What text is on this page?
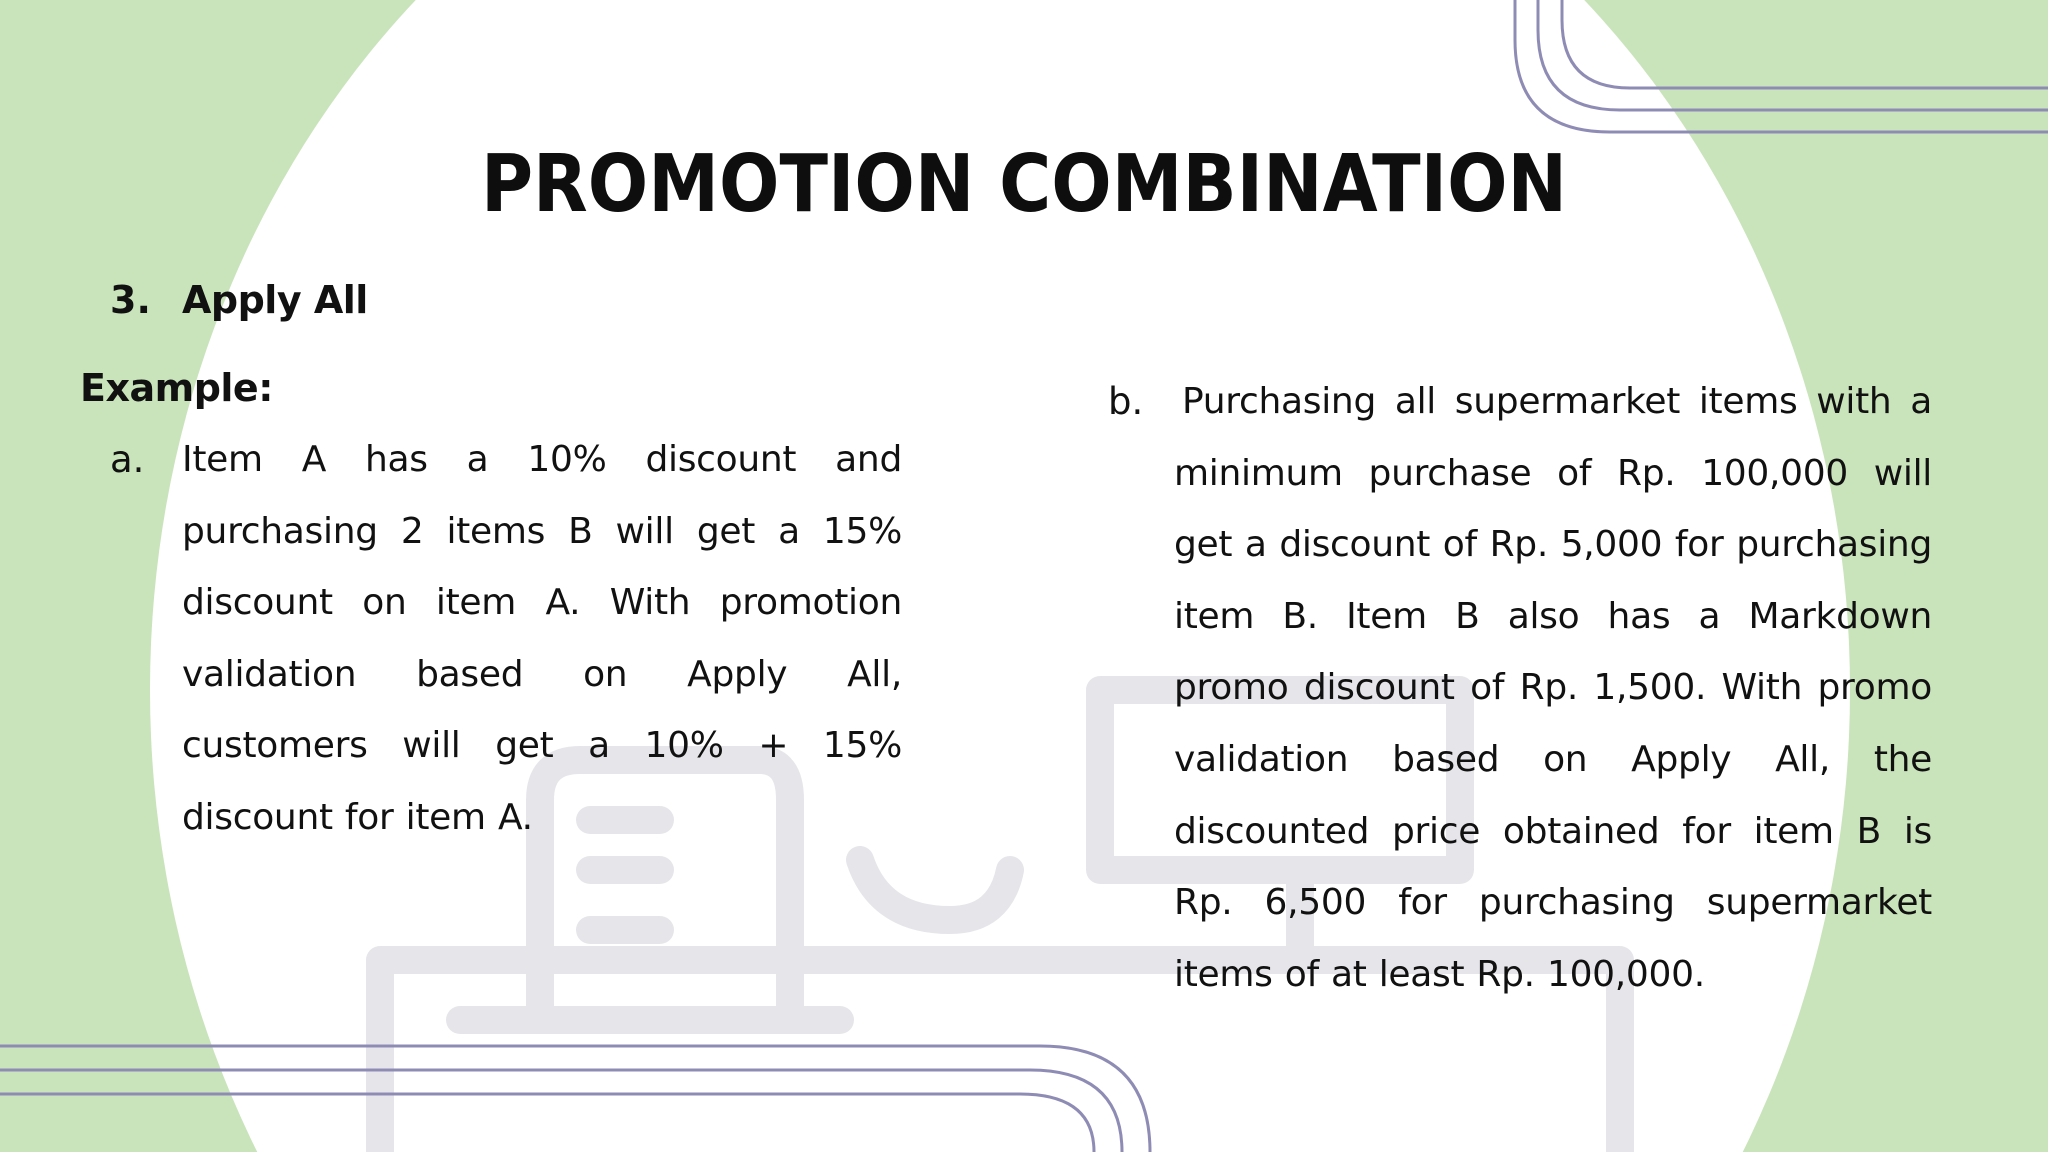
PROMOTION COMBINATION
3. Apply All
Example:
a. Item A has a 10% discount and purchasing 2 items B will get a 15% discount on item A. With promotion validation based on Apply All, customers will get a 10% + 15% discount for item A.
b. Purchasing all supermarket items with a minimum purchase of Rp. 100,000 will get a discount of Rp. 5,000 for purchasing item B. Item B also has a Markdown promo discount of Rp. 1,500. With promo validation based on Apply All, the discounted price obtained for item B is Rp. 6,500 for purchasing supermarket items of at least Rp. 100,000.
